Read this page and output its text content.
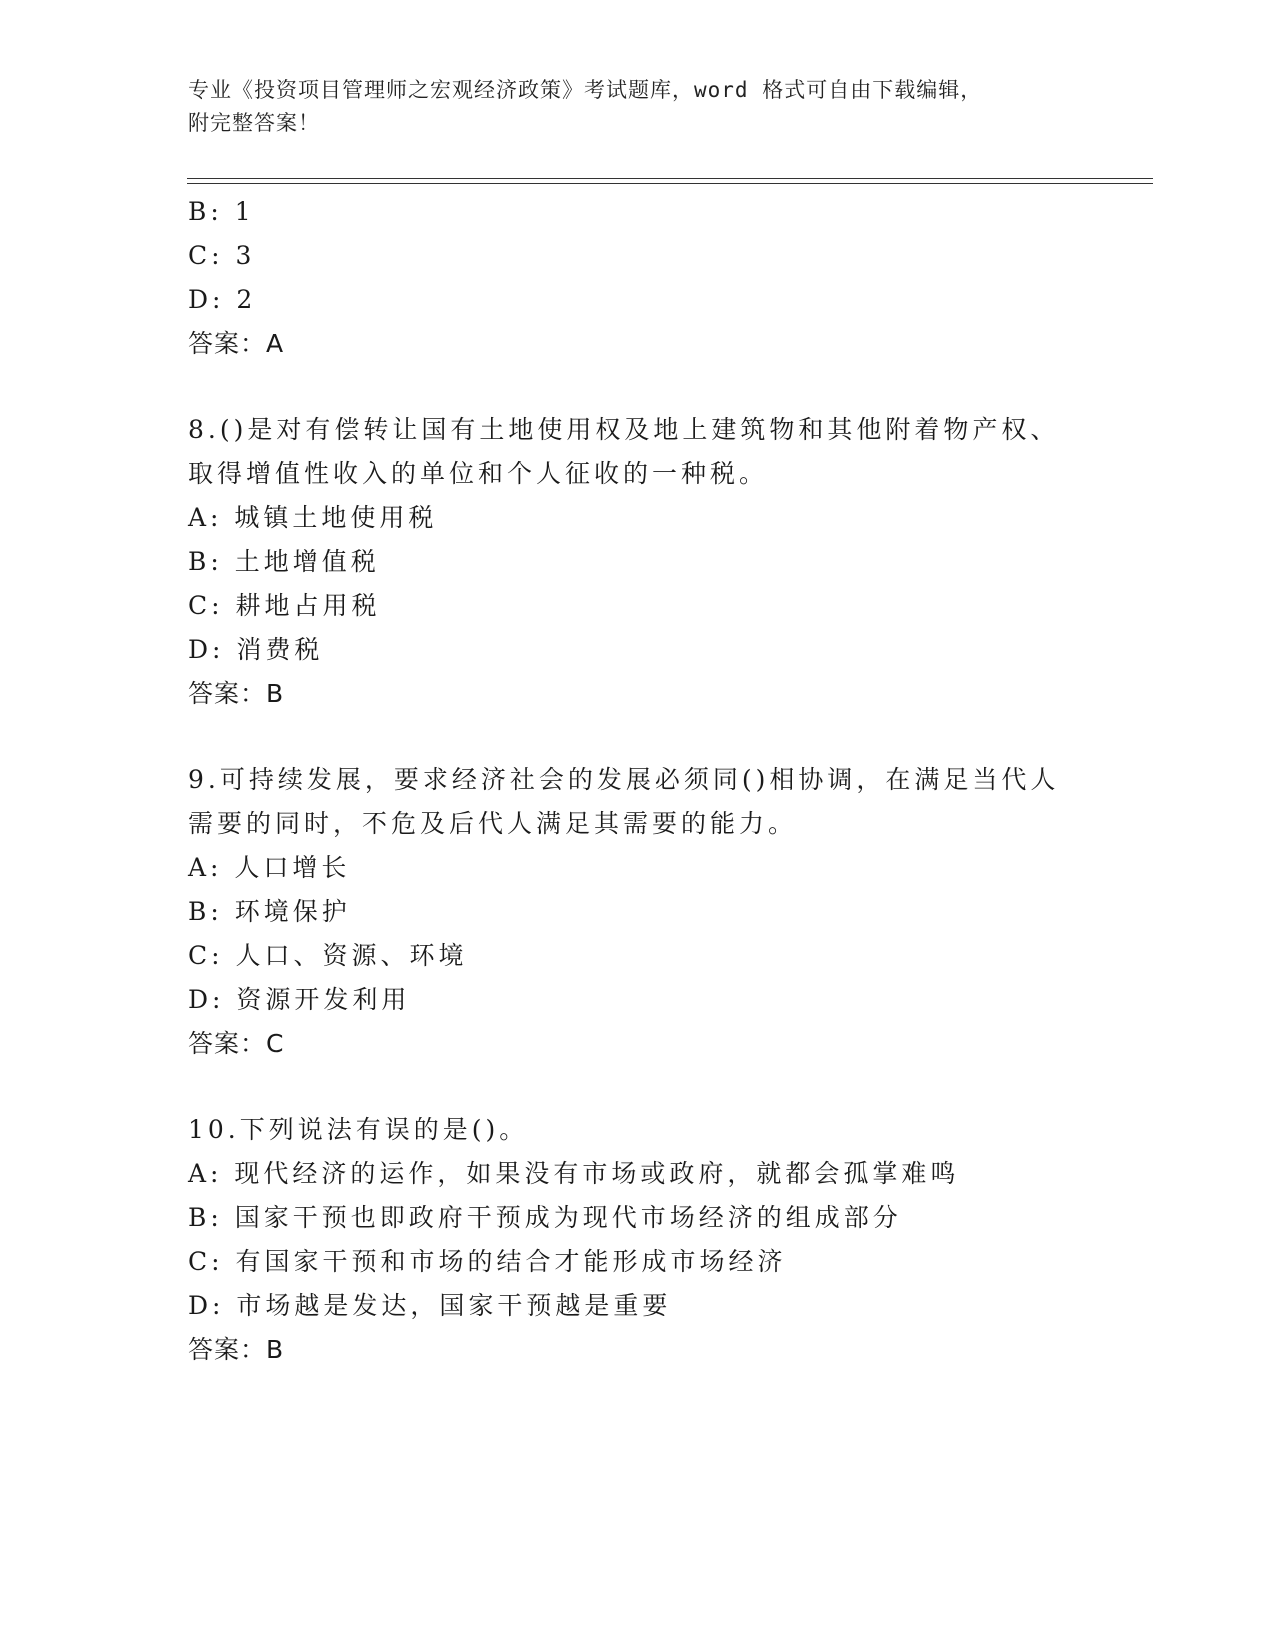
专业《投资项目管理师之宏观经济政策》考试题库，word 格式可自由下载编辑，
附完整答案！
B: 1
C: 3
D: 2
答案：A
8.()是对有偿转让国有土地使用权及地上建筑物和其他附着物产权、
取得增值性收入的单位和个人征收的一种税。
A: 城镇土地使用税
B: 土地增值税
C: 耕地占用税
D: 消费税
答案：B
9.可持续发展，要求经济社会的发展必须同()相协调，在满足当代人
需要的同时，不危及后代人满足其需要的能力。
A: 人口增长
B: 环境保护
C: 人口、资源、环境
D: 资源开发利用
答案：C
10.下列说法有误的是()。
A: 现代经济的运作，如果没有市场或政府，就都会孤掌难鸣
B: 国家干预也即政府干预成为现代市场经济的组成部分
C: 有国家干预和市场的结合才能形成市场经济
D: 市场越是发达，国家干预越是重要
答案：B
